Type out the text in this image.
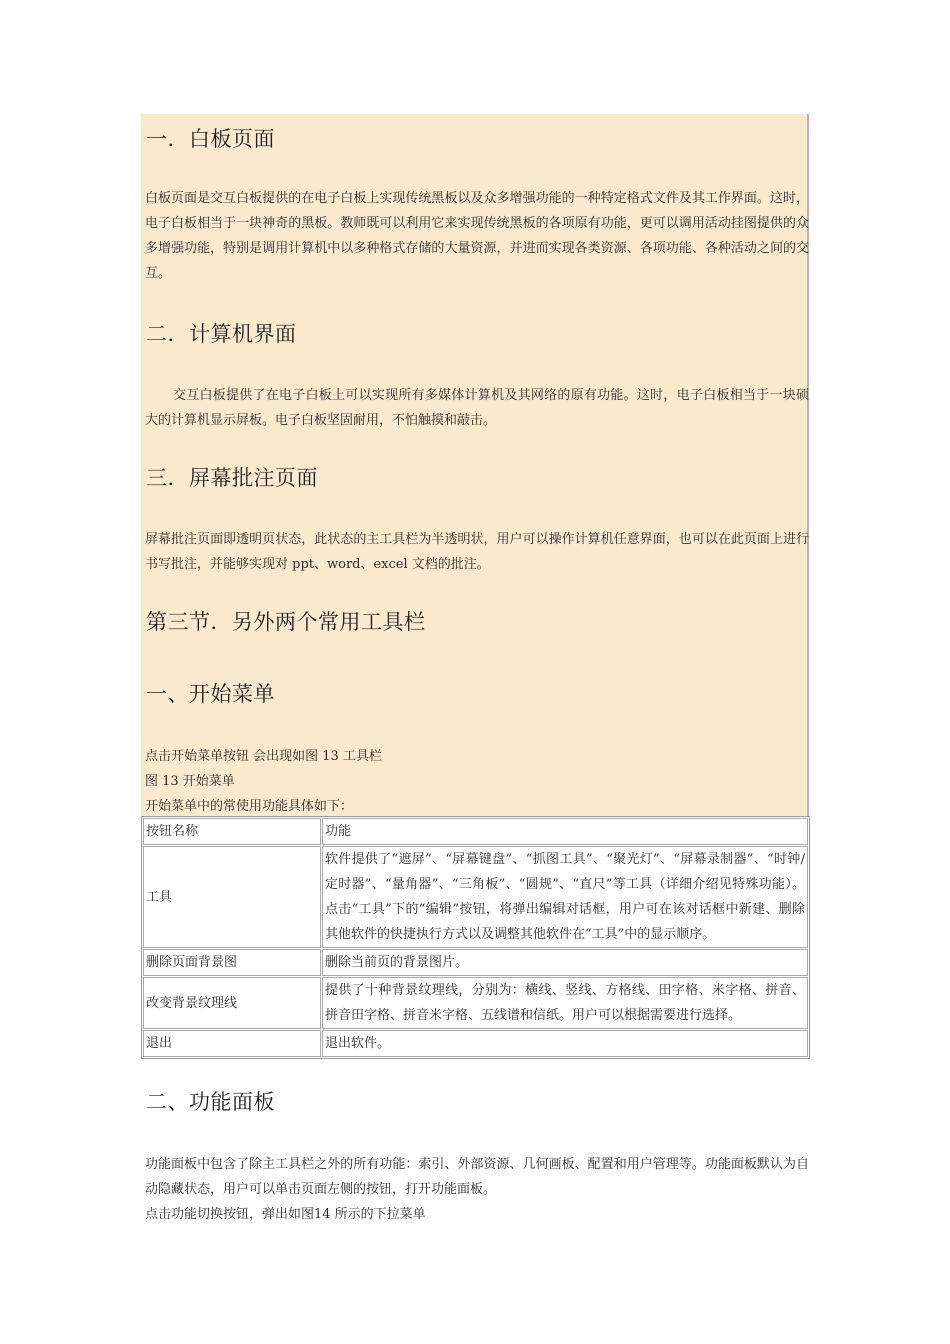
一．白板页面

白板页面是交互白板提供的在电子白板上实现传统黑板以及众多增强功能的一种特定格式文件及其工作界面。这时，电子白板相当于一块神奇的黑板。教师既可以利用它来实现传统黑板的各项原有功能，更可以调用活动挂图提供的众多增强功能，特别是调用计算机中以多种格式存储的大量资源，并进而实现各类资源、各项功能、各种活动之间的交互。

二．计算机界面

交互白板提供了在电子白板上可以实现所有多媒体计算机及其网络的原有功能。这时，电子白板相当于一块硕大的计算机显示屏板。电子白板坚固耐用，不怕触摸和敲击。

三．屏幕批注页面

屏幕批注页面即透明页状态，此状态的主工具栏为半透明状，用户可以操作计算机任意界面，也可以在此页面上进行书写批注，并能够实现对 ppt、word、excel 文档的批注。

第三节．另外两个常用工具栏
一、开始菜单
点击开始菜单按钮 会出现如图 13 工具栏
图 13 开始菜单
开始菜单中的常使用功能具体如下：
按钮名称	功能
工具	软件提供了“遮屏”、“屏幕键盘”、“抓图工具”、“聚光灯”、“屏幕录制器”、“时钟/定时器”、“量角器”、“三角板”、“圆规”、“直尺”等工具（详细介绍见特殊功能）。点击“工具”下的“编辑”按钮，将弹出编辑对话框，用户可在该对话框中新建、删除其他软件的快捷执行方式以及调整其他软件在“工具”中的显示顺序。
删除页面背景图	删除当前页的背景图片。
改变背景纹理线	提供了十种背景纹理线，分别为：横线、竖线、方格线、田字格、米字格、拼音、拼音田字格、拼音米字格、五线谱和信纸。用户可以根据需要进行选择。
退出	退出软件。
二、功能面板

功能面板中包含了除主工具栏之外的所有功能：索引、外部资源、几何画板、配置和用户管理等。功能面板默认为自动隐藏状态，用户可以单击页面左侧的按钮，打开功能面板。

点击功能切换按钮，弹出如图14 所示的下拉菜单
